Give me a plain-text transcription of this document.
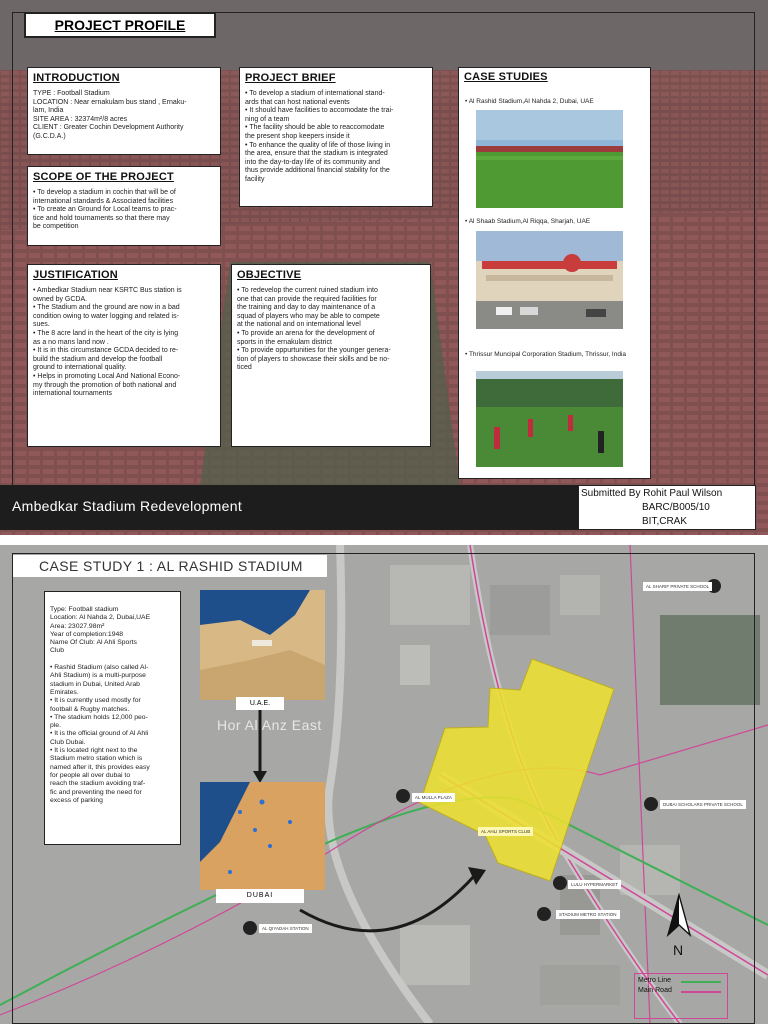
PROJECT PROFILE
INTRODUCTION
TYPE : Football Stadium
LOCATION : Near ernakulam bus stand , Ernaku-
lam, India
SITE AREA : 32374m²/8 acres
CLIENT : Greater Cochin Development Authority
(G.C.D.A.)
SCOPE OF THE PROJECT
• To develop a stadium in cochin that will be of
international standards & Associated facilities
• To create an Ground for Local teams to prac-
tice and hold tournaments so that there may
be competition
PROJECT BRIEF
• To develop a stadium of international stand-
ards that can host national events
• It should have facilities to accomodate the trai-
ning of a team
• The facility should be able to reaccomodate
the present shop keepers inside it
• To enhance the quality of life of those living in
the area, ensure that the stadium is integrated
into the day-to-day life of its community and
thus provide additional financial stability for the
facility
JUSTIFICATION
• Ambedkar Stadium near KSRTC Bus station is
owned by GCDA.
• The Stadium and the ground are now in a bad
condition owing to water logging and related is-
sues.
• The 8 acre land in the heart of the city is lying
as a no mans land now .
• It is in this circumstance GCDA decided to re-
build the stadium and develop the football
ground to international quality.
• Helps in promoting Local And National Econo-
my through the promotion of both national and
international tournaments
OBJECTIVE
• To redevelop the current ruined stadium into
one that can provide the required facilities for
the training and day to day maintenance of a
squad of players who may be able to compete
at the national and on international level
• To provide an arena for the development of
sports in the ernakulam district
• To provide oppurtunities for the younger genera-
tion of players to showcase their skills and be no-
ticed
CASE STUDIES
• Al Rashid Stadium,Al Nahda 2, Dubai, UAE
• Al Shaab Stadium,Al Riqqa, Sharjah, UAE
• Thrissur Muncipal Corporation Stadium, Thrissur, India
Ambedkar Stadium Redevelopment
Submitted By Rohit Paul Wilson
BARC/B005/10
BIT,CRAK
CASE STUDY 1 : AL RASHID STADIUM
Type: Football stadium
Location: Al Nahda 2, Dubai,UAE
Area: 23027.98m²
Year of completion:1948
Name Of Club: Al Ahli Sports
Club

• Rashid Stadium (also called Al-
Ahli Stadium) is a multi-purpose
stadium in Dubai, United Arab
Emirates.
• It is currently used mostly for
football & Rugby matches.
• The stadium holds 12,000 peo-
ple.
• It is the official ground of Al Ahli
Club Dubai.
• It is located right next to the
Stadium metro station which is
named after it, this provides easy
for people all over dubai to
reach the stadium avoiding traf-
fic and preventing the need for
excess of parking
U.A.E.
DUBAI
Hor Al Anz East
AL MULLA PLAZA
AL AHLI SPORTS CLUB
LULU HYPERMARKET
STADIUM METRO STATION
AL QIYADAH STATION
DUBAI SCHOLARS PRIVATE SCHOOL
AL SHARIF PRIVATE SCHOOL
N
Metro Line
Main Road
